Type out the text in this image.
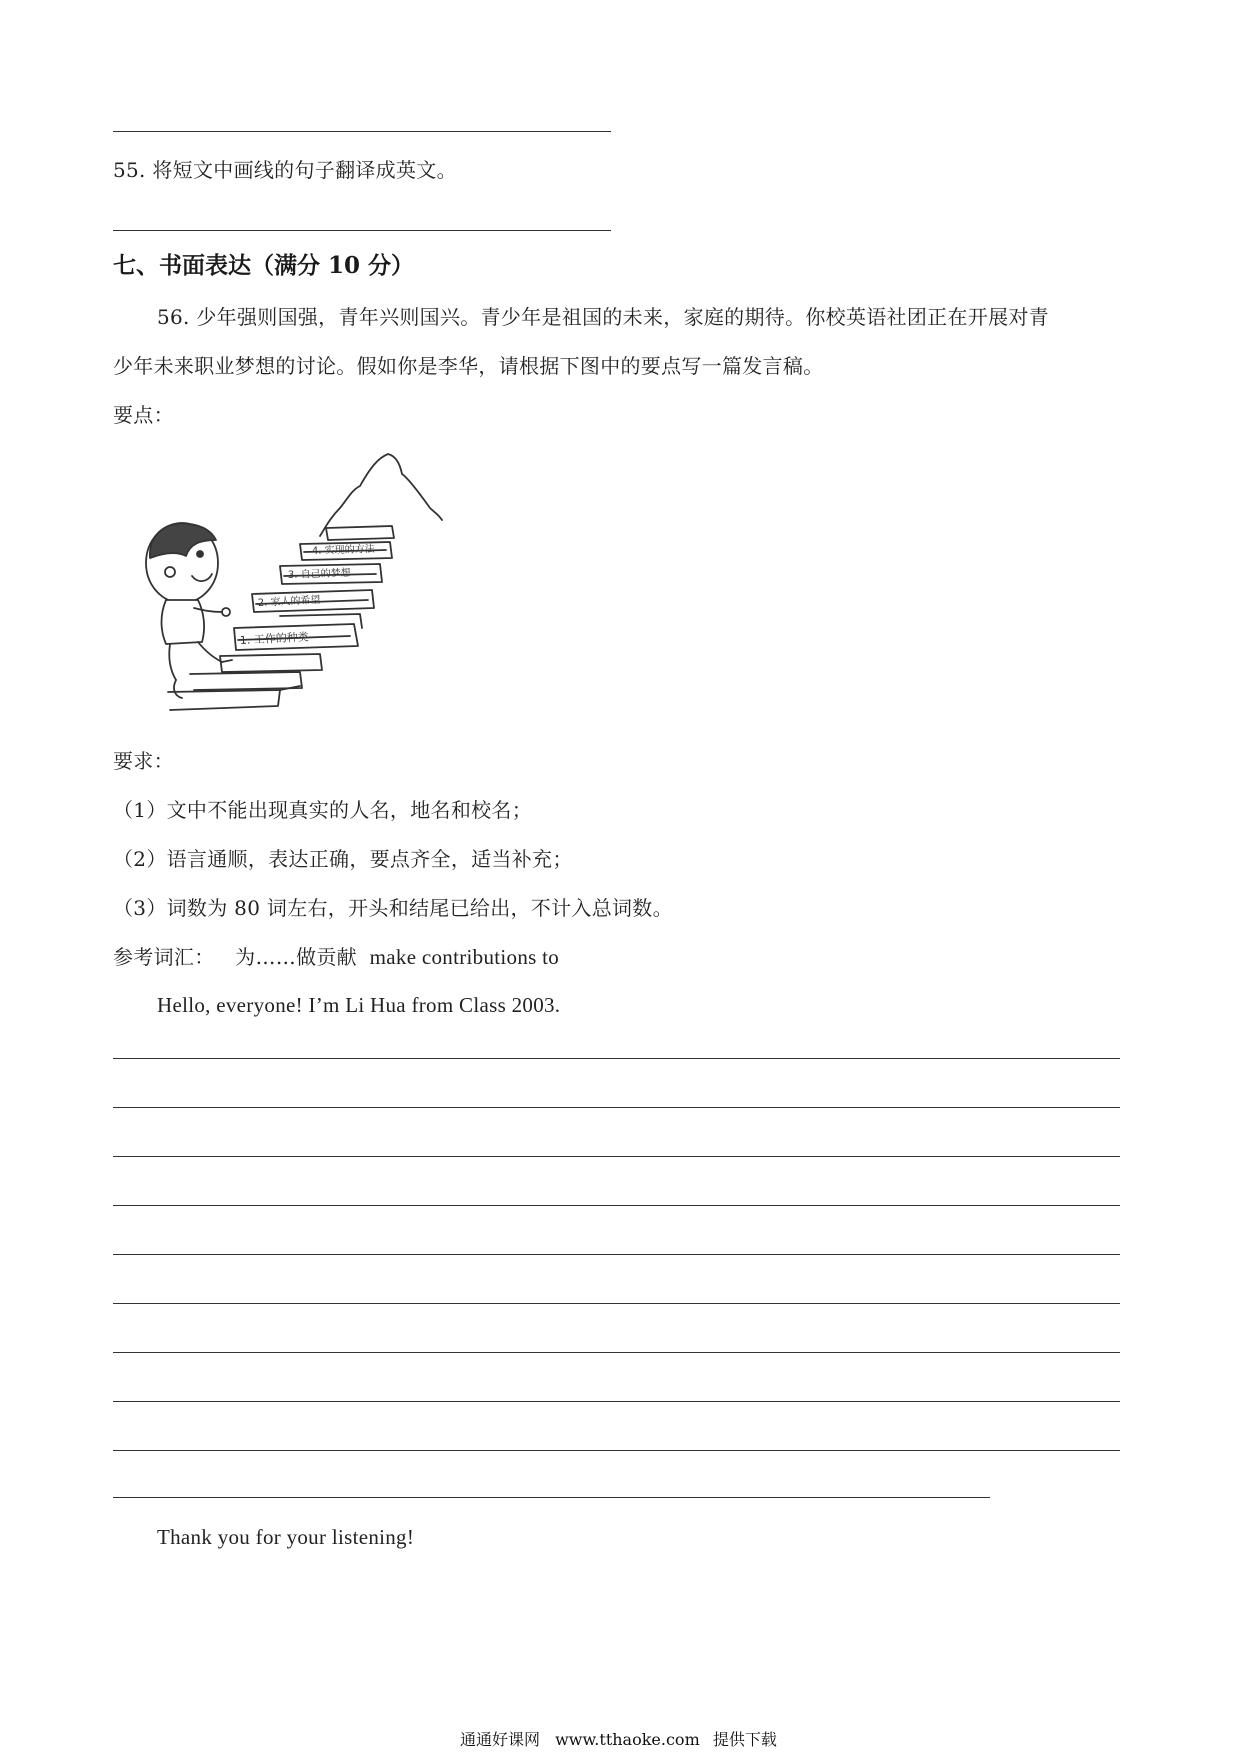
55. 将短文中画线的句子翻译成英文。
七、书面表达（满分 10 分）
56. 少年强则国强，青年兴则国兴。青少年是祖国的未来，家庭的期待。你校英语社团正在开展对青
少年未来职业梦想的讨论。假如你是李华，请根据下图中的要点写一篇发言稿。
要点：
4. 实现的方法
3. 自己的梦想
2. 家人的希望
1. 工作的种类
要求：
（1）文中不能出现真实的人名，地名和校名；
（2）语言通顺，表达正确，要点齐全，适当补充；
（3）词数为 80 词左右，开头和结尾已给出，不计入总词数。
参考词汇： 为……做贡献 make contributions to
Hello, everyone! I’m Li Hua from Class 2003.
Thank you for your listening!
通通好课网 www.tthaoke.com 提供下载
